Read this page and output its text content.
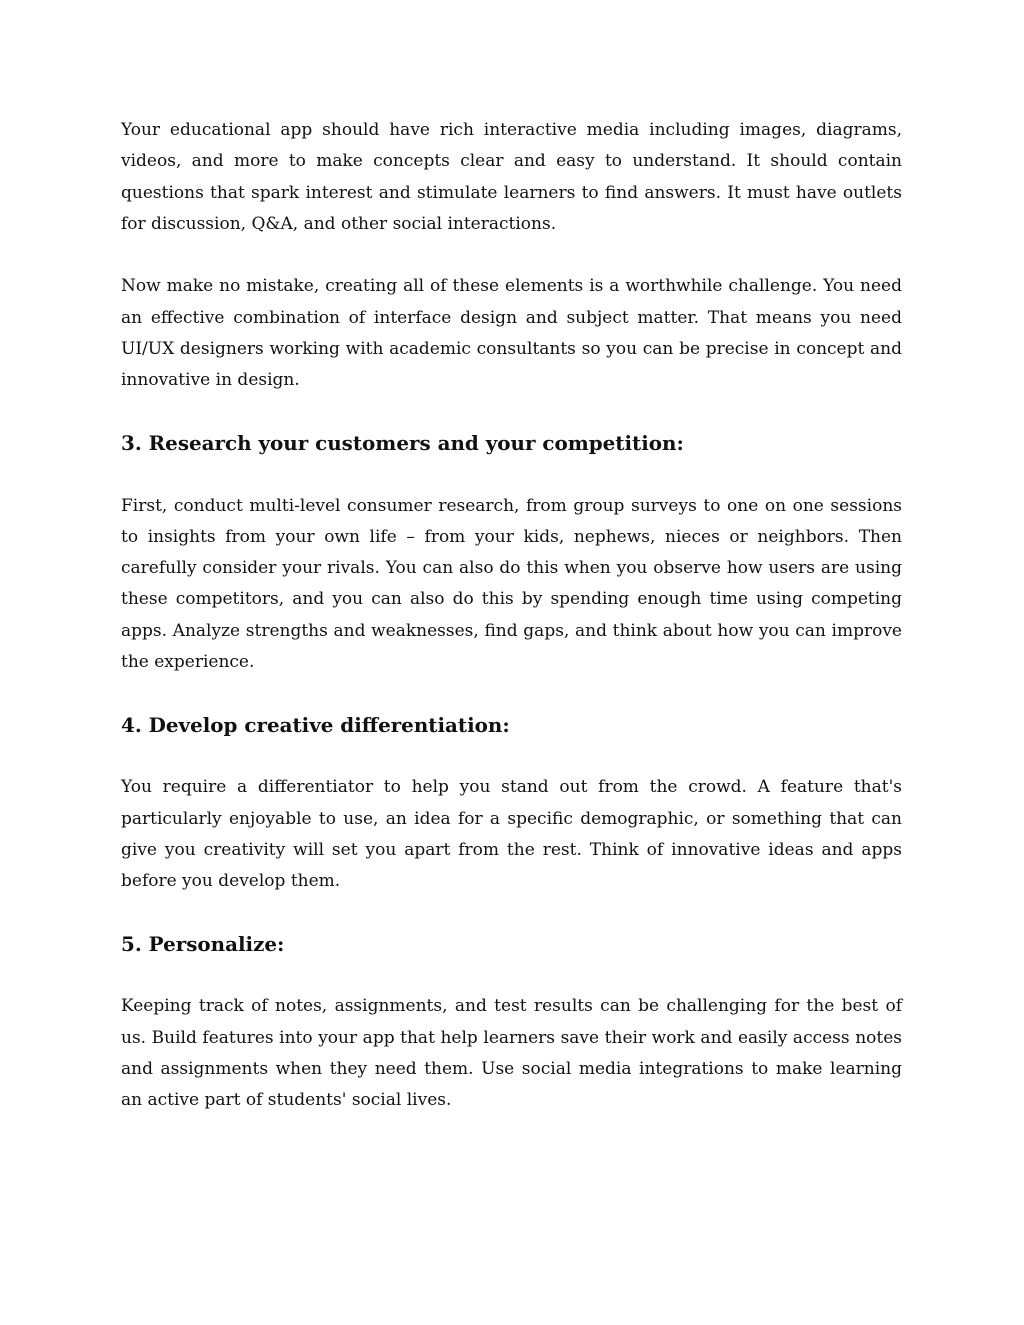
Your educational app should have rich interactive media including images, diagrams, videos, and more to make concepts clear and easy to understand. It should contain questions that spark interest and stimulate learners to find answers. It must have outlets for discussion, Q&A, and other social interactions.

Now make no mistake, creating all of these elements is a worthwhile challenge. You need an effective combination of interface design and subject matter. That means you need UI/UX designers working with academic consultants so you can be precise in concept and innovative in design.

3. Research your customers and your competition:

First, conduct multi-level consumer research, from group surveys to one on one sessions to insights from your own life – from your kids, nephews, nieces or neighbors. Then carefully consider your rivals. You can also do this when you observe how users are using these competitors, and you can also do this by spending enough time using competing apps. Analyze strengths and weaknesses, find gaps, and think about how you can improve the experience.

4. Develop creative differentiation:

You require a differentiator to help you stand out from the crowd. A feature that's particularly enjoyable to use, an idea for a specific demographic, or something that can give you creativity will set you apart from the rest. Think of innovative ideas and apps before you develop them.

5. Personalize:

Keeping track of notes, assignments, and test results can be challenging for the best of us. Build features into your app that help learners save their work and easily access notes and assignments when they need them. Use social media integrations to make learning an active part of students' social lives.
